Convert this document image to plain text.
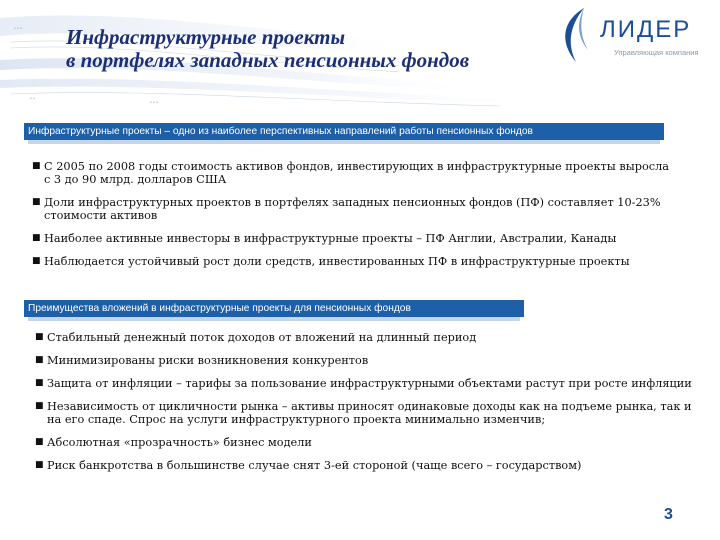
• • •
• •
• • •
Инфраструктурные проекты
в портфелях западных пенсионных фондов
ЛИДЕР
Управляющая компания
Инфраструктурные проекты – одно из наиболее перспективных направлений работы пенсионных фондов
■ С 2005 по 2008 годы стоимость активов фондов, инвестирующих в инфраструктурные проекты выросла
с 3 до 90 млрд. долларов США
■ Доли инфраструктурных проектов в портфелях западных пенсионных фондов (ПФ) составляет 10-23%
стоимости активов
■ Наиболее активные инвесторы в инфраструктурные проекты – ПФ Англии, Австралии, Канады
■ Наблюдается устойчивый рост доли средств, инвестированных ПФ в инфраструктурные проекты
Преимущества вложений в инфраструктурные проекты для пенсионных фондов
■ Стабильный денежный поток доходов от вложений на длинный период
■ Минимизированы риски возникновения конкурентов
■ Защита от инфляции – тарифы за пользование инфраструктурными объектами растут при росте инфляции
■ Независимость от цикличности рынка – активы приносят одинаковые доходы как на подъеме рынка, так и
на его спаде. Спрос на услуги инфраструктурного проекта минимально изменчив;
■ Абсолютная «прозрачность» бизнес модели
■ Риск банкротства в большинстве случае снят 3-ей стороной (чаще всего – государством)
3
